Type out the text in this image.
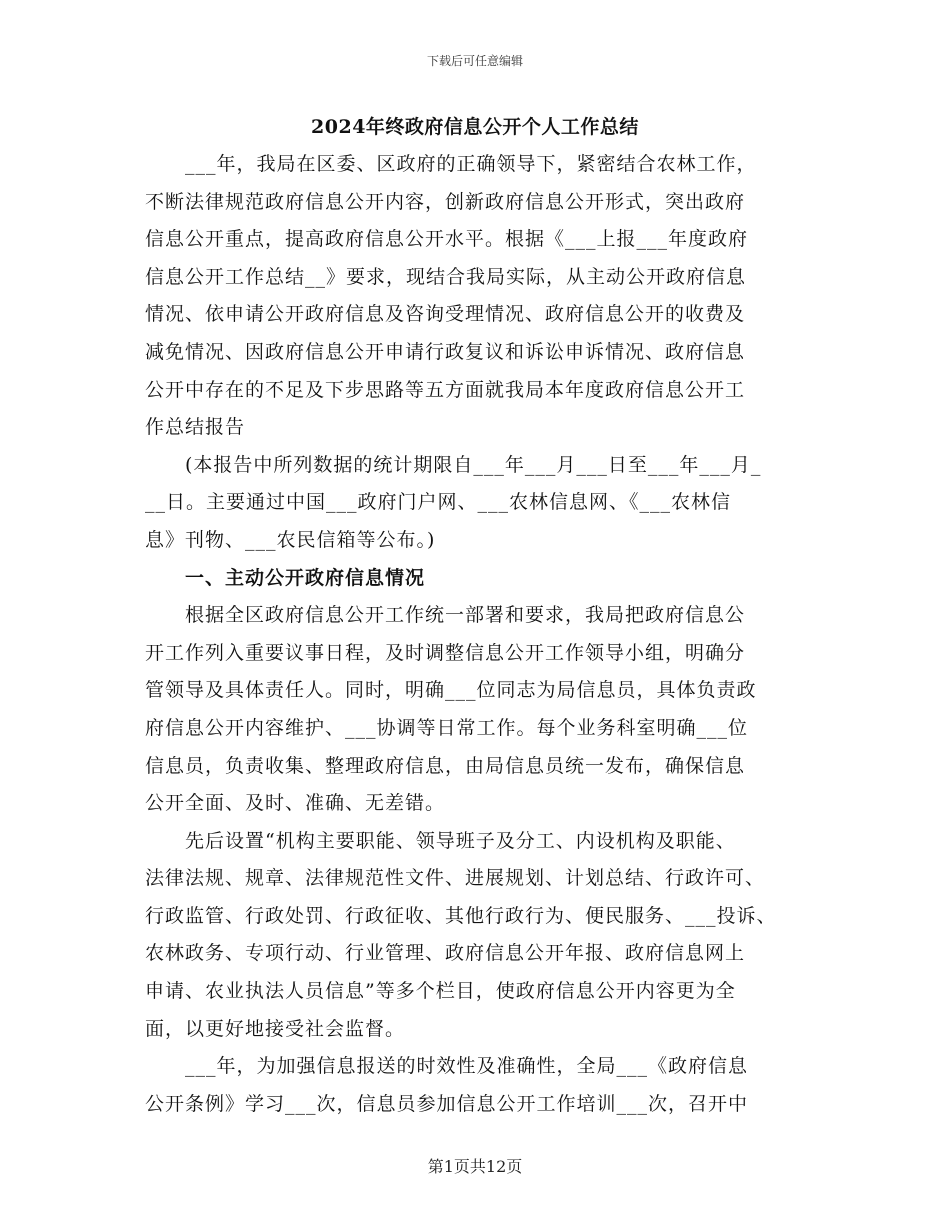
下载后可任意编辑
2024年终政府信息公开个人工作总结
　　___年，我局在区委、区政府的正确领导下，紧密结合农林工作，
不断法律规范政府信息公开内容，创新政府信息公开形式，突出政府
信息公开重点，提高政府信息公开水平。根据《___上报___年度政府
信息公开工作总结__》要求，现结合我局实际，从主动公开政府信息
情况、依申请公开政府信息及咨询受理情况、政府信息公开的收费及
减免情况、因政府信息公开申请行政复议和诉讼申诉情况、政府信息
公开中存在的不足及下步思路等五方面就我局本年度政府信息公开工
作总结报告
　　(本报告中所列数据的统计期限自___年___月___日至___年___月_
__日。主要通过中国___政府门户网、___农林信息网、《___农林信
息》刊物、___农民信箱等公布。)
　　一、主动公开政府信息情况
　　根据全区政府信息公开工作统一部署和要求，我局把政府信息公
开工作列入重要议事日程，及时调整信息公开工作领导小组，明确分
管领导及具体责任人。同时，明确___位同志为局信息员，具体负责政
府信息公开内容维护、___协调等日常工作。每个业务科室明确___位
信息员，负责收集、整理政府信息，由局信息员统一发布，确保信息
公开全面、及时、准确、无差错。
　　先后设置“机构主要职能、领导班子及分工、内设机构及职能、
法律法规、规章、法律规范性文件、进展规划、计划总结、行政许可、
行政监管、行政处罚、行政征收、其他行政行为、便民服务、___投诉、
农林政务、专项行动、行业管理、政府信息公开年报、政府信息网上
申请、农业执法人员信息”等多个栏目，使政府信息公开内容更为全
面，以更好地接受社会监督。
　　___年，为加强信息报送的时效性及准确性，全局___《政府信息
公开条例》学习___次，信息员参加信息公开工作培训___次，召开中
第1页共12页
